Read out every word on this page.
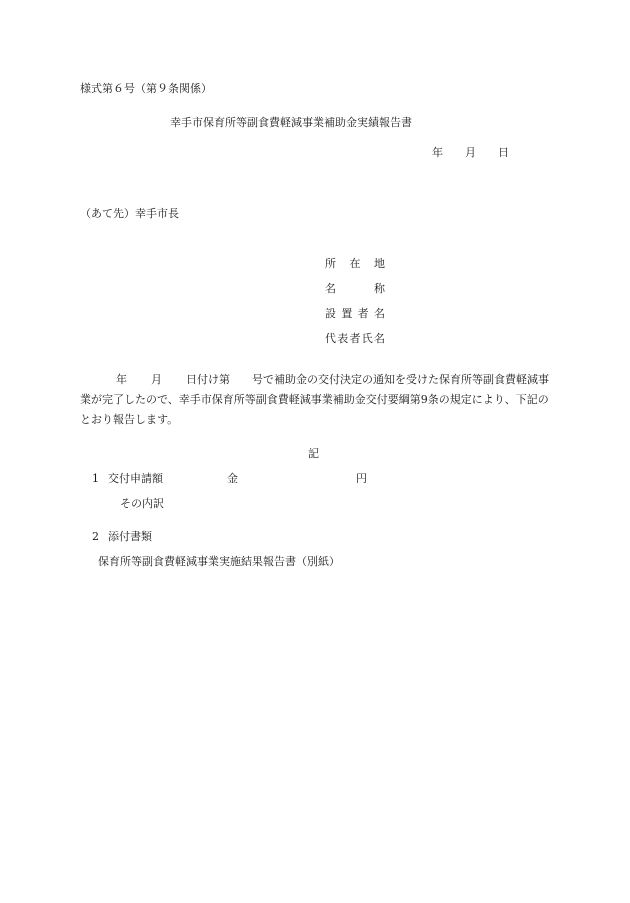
様式第６号（第９条関係）
幸手市保育所等副食費軽減事業補助金実績報告書
年 月 日
（あて先）幸手市長
所 在 地
名 称
設 置 者 名
代表者氏名
年 月 日付け第 号で補助金の交付決定の通知を受けた保育所等副食費軽減事業が完了したので、幸手市保育所等副食費軽減事業補助金交付要綱第9条の規定により、下記のとおり報告します。
記
1 交付申請額	金	円
その内訳
2 添付書類
保育所等副食費軽減事業実施結果報告書（別紙）
